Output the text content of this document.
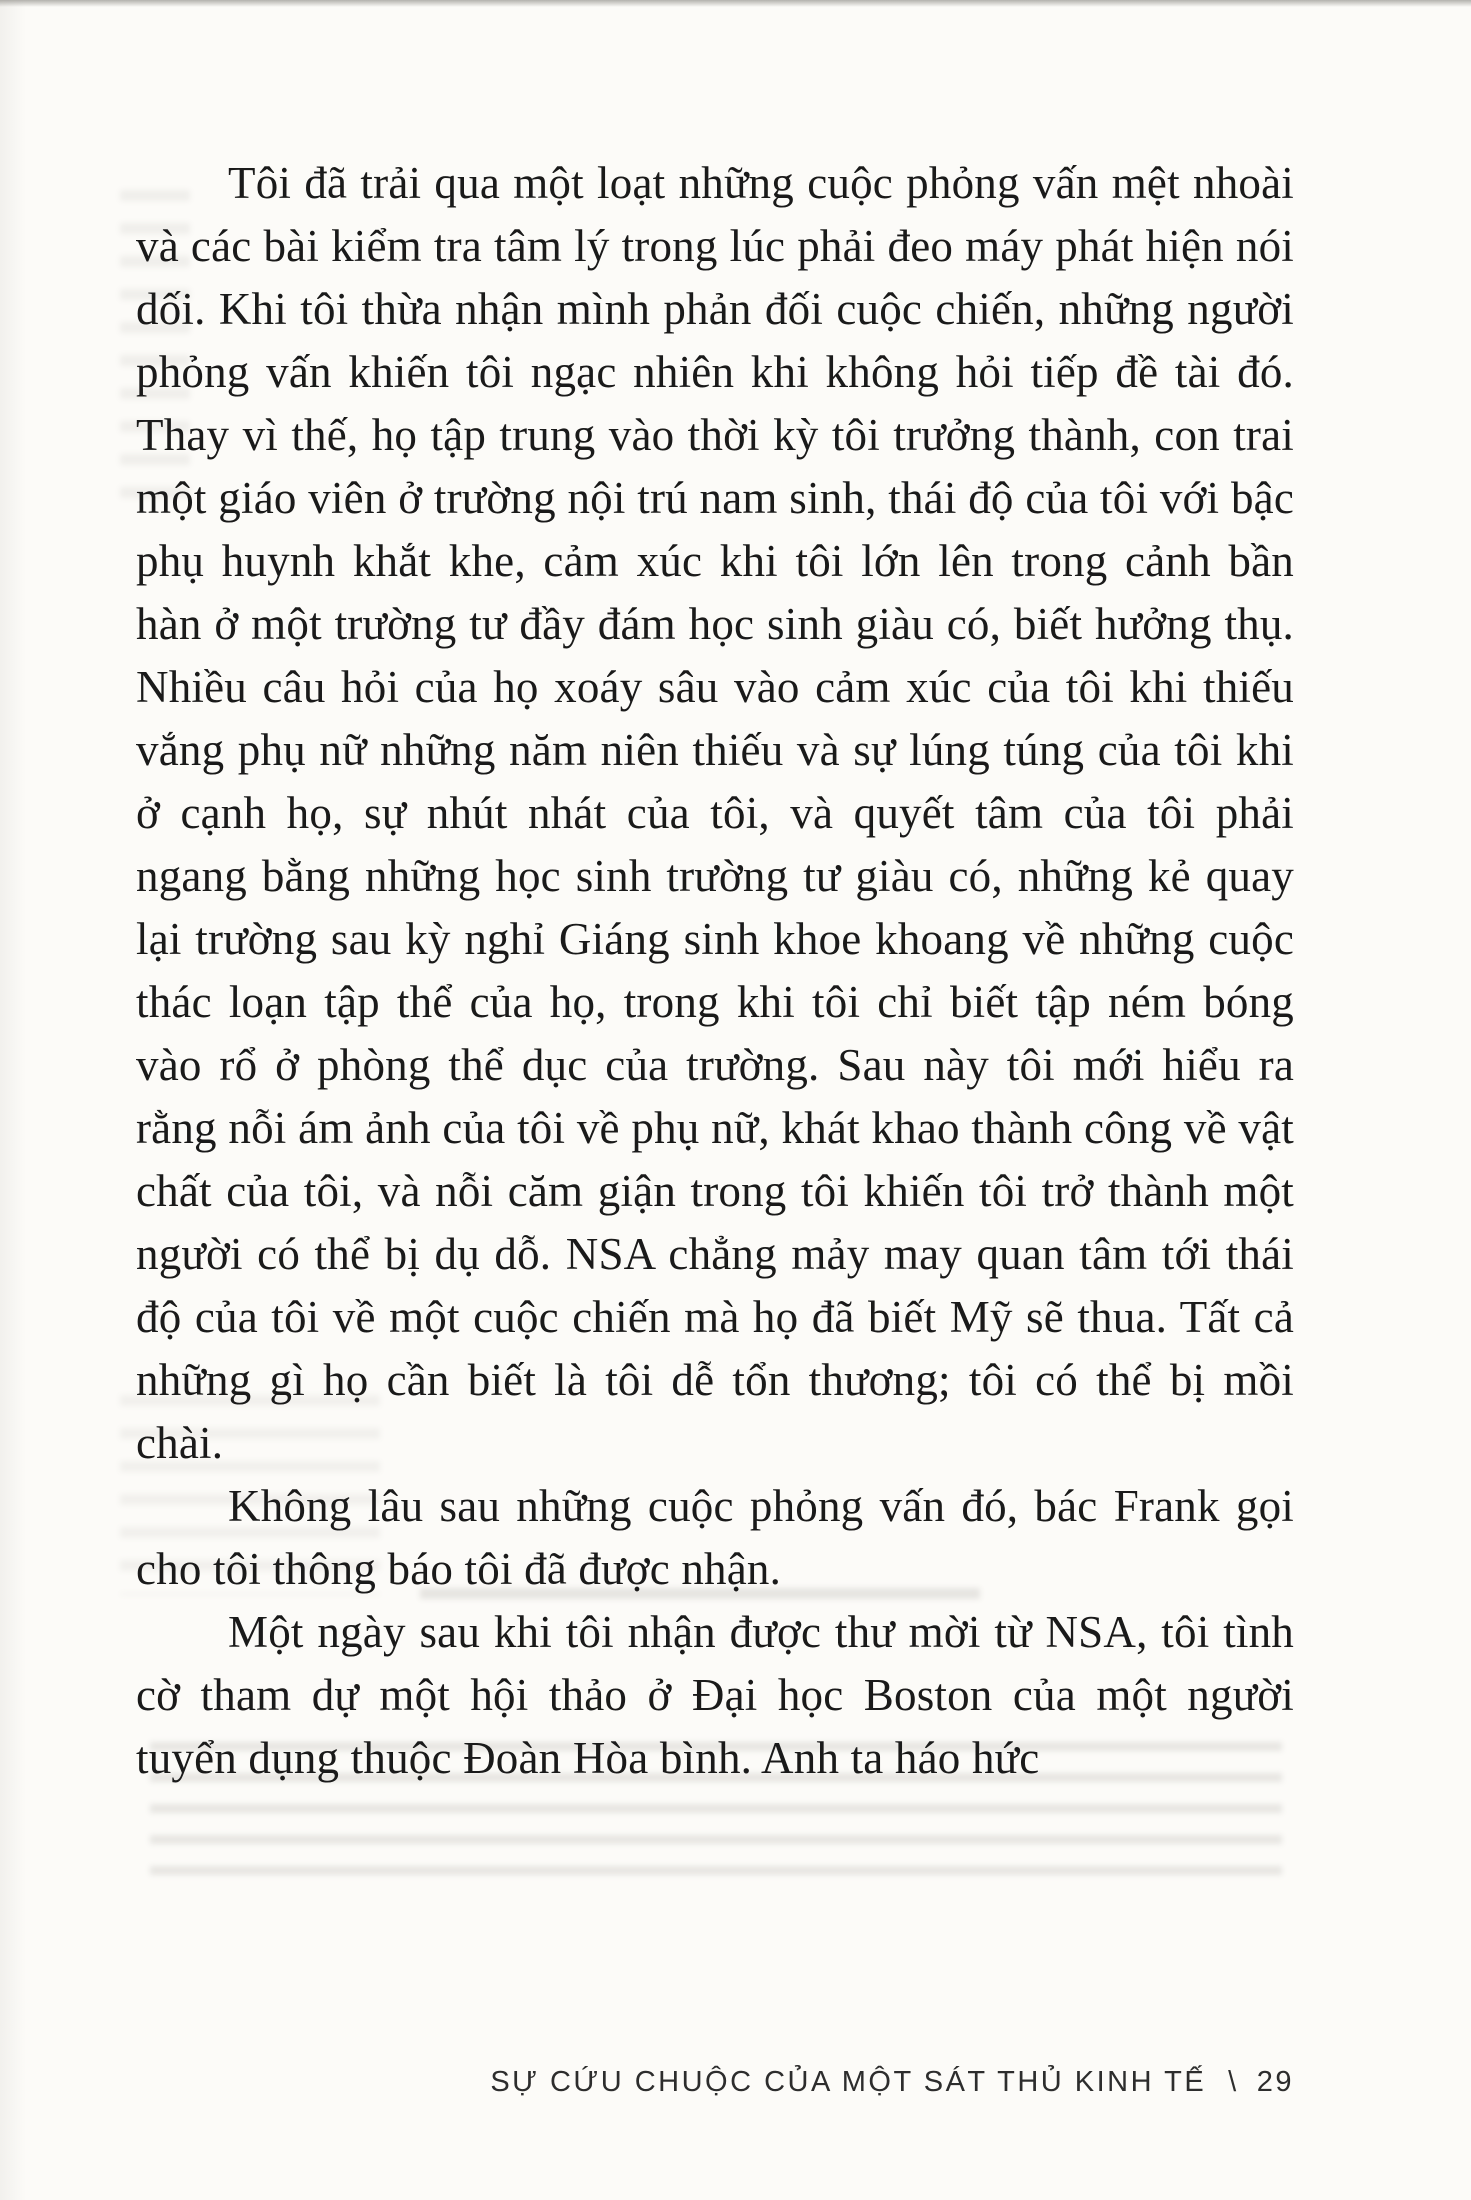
Tôi đã trải qua một loạt những cuộc phỏng vấn mệt nhoài và các bài kiểm tra tâm lý trong lúc phải đeo máy phát hiện nói dối. Khi tôi thừa nhận mình phản đối cuộc chiến, những người phỏng vấn khiến tôi ngạc nhiên khi không hỏi tiếp đề tài đó. Thay vì thế, họ tập trung vào thời kỳ tôi trưởng thành, con trai một giáo viên ở trường nội trú nam sinh, thái độ của tôi với bậc phụ huynh khắt khe, cảm xúc khi tôi lớn lên trong cảnh bần hàn ở một trường tư đầy đám học sinh giàu có, biết hưởng thụ. Nhiều câu hỏi của họ xoáy sâu vào cảm xúc của tôi khi thiếu vắng phụ nữ những năm niên thiếu và sự lúng túng của tôi khi ở cạnh họ, sự nhút nhát của tôi, và quyết tâm của tôi phải ngang bằng những học sinh trường tư giàu có, những kẻ quay lại trường sau kỳ nghỉ Giáng sinh khoe khoang về những cuộc thác loạn tập thể của họ, trong khi tôi chỉ biết tập ném bóng vào rổ ở phòng thể dục của trường. Sau này tôi mới hiểu ra rằng nỗi ám ảnh của tôi về phụ nữ, khát khao thành công về vật chất của tôi, và nỗi căm giận trong tôi khiến tôi trở thành một người có thể bị dụ dỗ. NSA chẳng mảy may quan tâm tới thái độ của tôi về một cuộc chiến mà họ đã biết Mỹ sẽ thua. Tất cả những gì họ cần biết là tôi dễ tổn thương; tôi có thể bị mồi chài.

Không lâu sau những cuộc phỏng vấn đó, bác Frank gọi cho tôi thông báo tôi đã được nhận.

Một ngày sau khi tôi nhận được thư mời từ NSA, tôi tình cờ tham dự một hội thảo ở Đại học Boston của một người tuyển dụng thuộc Đoàn Hòa bình. Anh ta háo hức

SỰ CỨU CHUỘC CỦA MỘT SÁT THỦ KINH TẾ \ 29
